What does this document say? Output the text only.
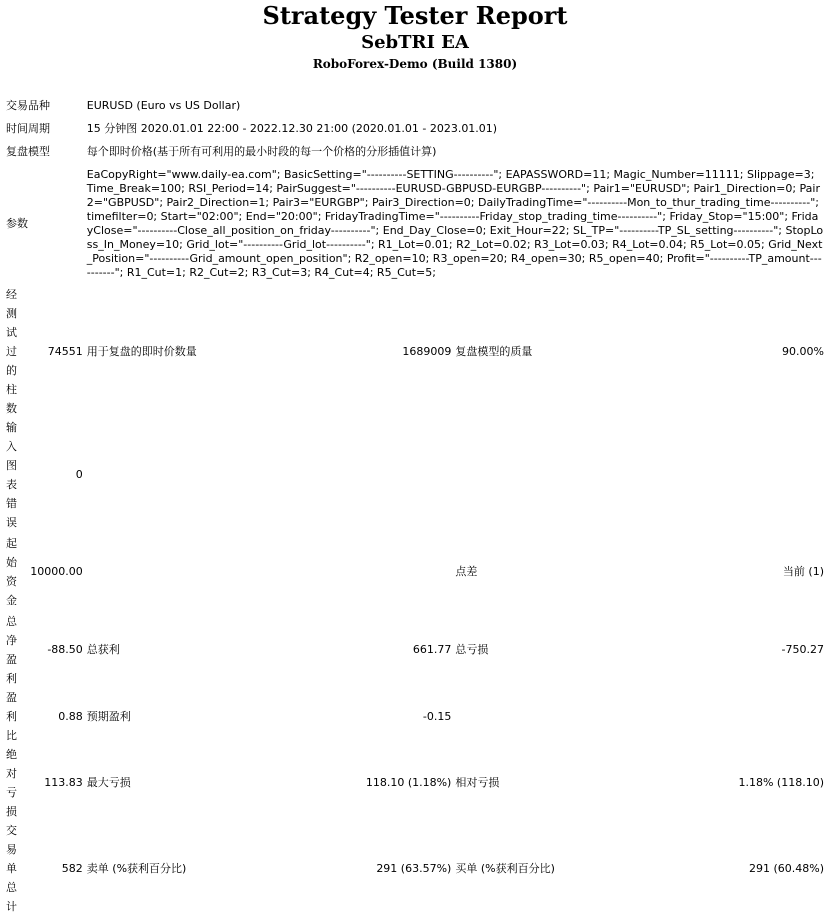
Strategy Tester Report
SebTRI EA
RoboForex-Demo (Build 1380)
交易品种	EURUSD (Euro vs US Dollar)			
时间周期	15 分钟图 2020.01.01 22:00 - 2022.12.30 21:00 (2020.01.01 - 2023.01.01)			
复盘模型	每个即时价格(基于所有可利用的最小时段的每一个价格的分形插值计算)			
参数	EaCopyRight="www.daily-ea.com"; BasicSetting="----------SETTING----------"; EAPASSWORD=11; Magic_Number=11111; Slippage=3; Time_Break=100; RSI_Period=14; PairSuggest="----------EURUSD-GBPUSD-EURGBP----------"; Pair1="EURUSD"; Pair1_Direction=0; Pair2="GBPUSD"; Pair2_Direction=1; Pair3="EURGBP"; Pair3_Direction=0; DailyTradingTime="----------Mon_to_thur_trading_time----------"; timefilter=0; Start="02:00"; End="20:00"; FridayTradingTime="----------Friday_stop_trading_time----------"; Friday_Stop="15:00"; FridayClose="----------Close_all_position_on_friday----------"; End_Day_Close=0; Exit_Hour=22; SL_TP="----------TP_SL_setting----------"; StopLoss_In_Money=10; Grid_lot="----------Grid_lot----------"; R1_Lot=0.01; R2_Lot=0.02; R3_Lot=0.03; R4_Lot=0.04; R5_Lot=0.05; Grid_Next_Position="----------Grid_amount_open_position"; R2_open=10; R3_open=20; R4_open=30; R5_open=40; Profit="----------TP_amount----------"; R1_Cut=1; R2_Cut=2; R3_Cut=3; R4_Cut=4; R5_Cut=5;			

经测试过的柱数
74551	用于复盘的即时价数量	1689009	复盘模型的质量	90.00%

输入图表错误
0				

起始资金
10000.00			点差	当前 (1)

总净盈利
-88.50	总获利	661.77	总亏损	-750.27

盈利比
0.88	预期盈利	-0.15		

绝对亏损
113.83	最大亏损	118.10 (1.18%)	相对亏损	1.18% (118.10)

交易单总计
582	卖单 (%获利百分比)	291 (63.57%)	买单 (%获利百分比)	291 (60.48%)
